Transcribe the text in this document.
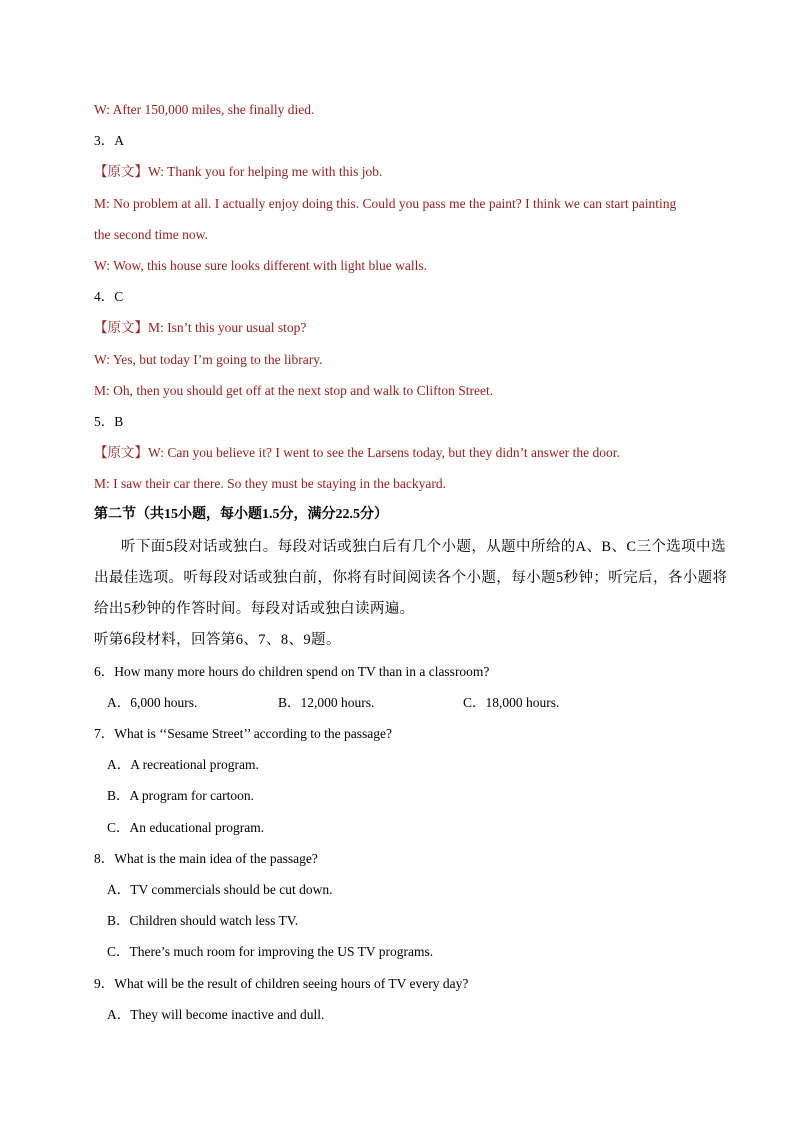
W: After 150,000 miles, she finally died.
3．A
【原文】W: Thank you for helping me with this job.
M: No problem at all. I actually enjoy doing this. Could you pass me the paint? I think we can start painting
the second time now.
W: Wow, this house sure looks different with light blue walls.
4．C
【原文】M: Isn’t this your usual stop?
W: Yes, but today I’m going to the library.
M: Oh, then you should get off at the next stop and walk to Clifton Street.
5．B
【原文】W: Can you believe it? I went to see the Larsens today, but they didn’t answer the door.
M: I saw their car there. So they must be staying in the backyard.
第二节（共15小题，每小题1.5分，满分22.5分）
听下面5段对话或独白。每段对话或独白后有几个小题，从题中所给的A、B、C三个选项中选
出最佳选项。听每段对话或独白前，你将有时间阅读各个小题，每小题5秒钟；听完后，各小题将
给出5秒钟的作答时间。每段对话或独白读两遍。
听第6段材料，回答第6、7、8、9题。
6．How many more hours do children spend on TV than in a classroom?
A．6,000 hours.	B．12,000 hours.	C．18,000 hours.
7．What is ‘‘Sesame Street’’ according to the passage?
A．A recreational program.
B．A program for cartoon.
C．An educational program.
8．What is the main idea of the passage?
A．TV commercials should be cut down.
B．Children should watch less TV.
C．There’s much room for improving the US TV programs.
9．What will be the result of children seeing hours of TV every day?
A．They will become inactive and dull.
